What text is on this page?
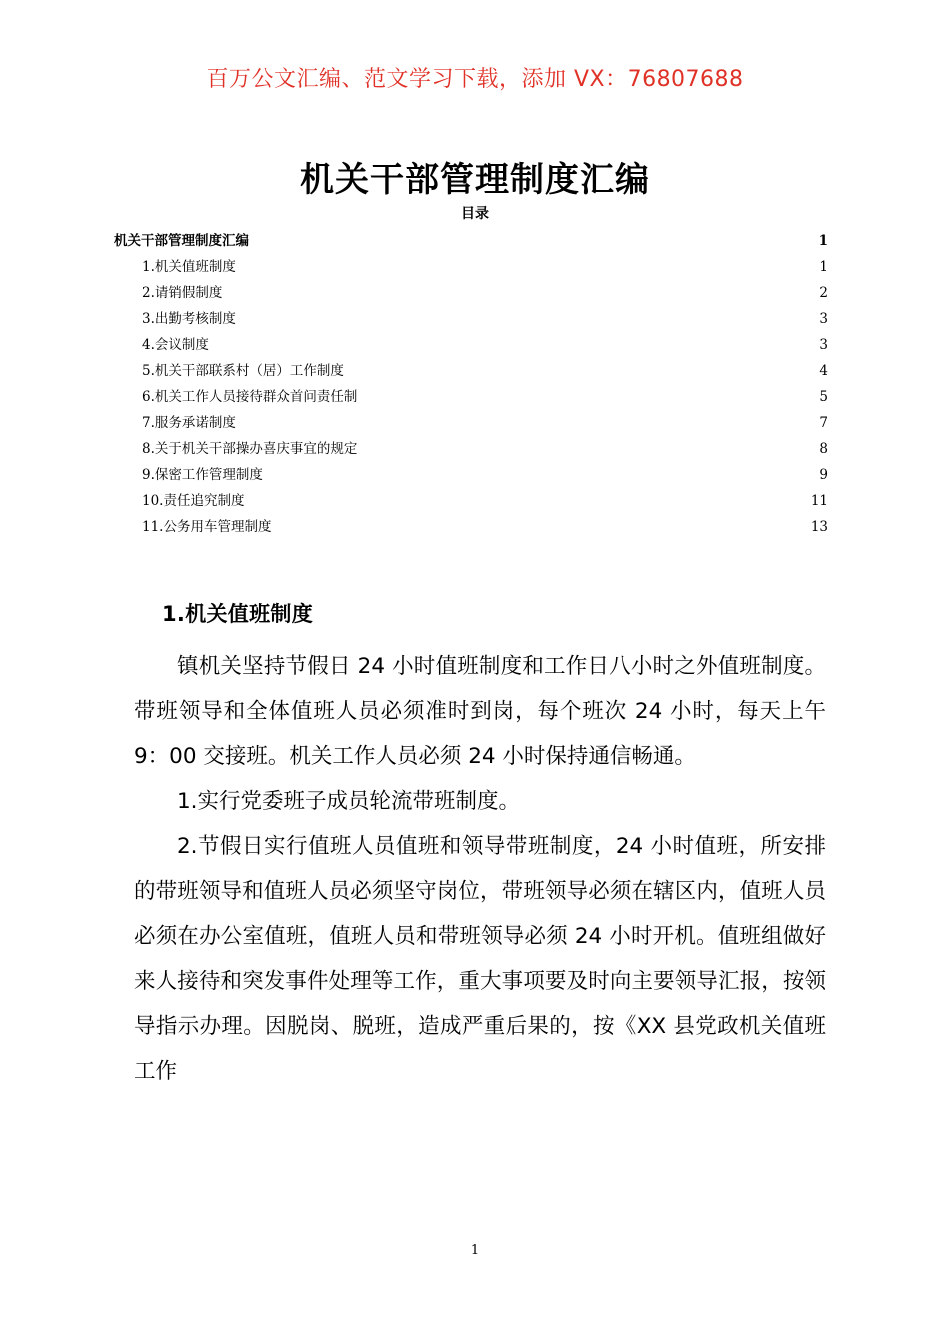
百万公文汇编、范文学习下载，添加 VX：76807688
机关干部管理制度汇编
目录
机关干部管理制度汇编 .....	1
1.机关值班制度 .....	1
2.请销假制度 .....	2
3.出勤考核制度 .....	3
4.会议制度 .....	3
5.机关干部联系村（居）工作制度 .....	4
6.机关工作人员接待群众首问责任制 .....	5
7.服务承诺制度 .....	7
8.关于机关干部操办喜庆事宜的规定 .....	8
9.保密工作管理制度 .....	9
10.责任追究制度 .....	11
11.公务用车管理制度 .....	13
1.机关值班制度

镇机关坚持节假日 24 小时值班制度和工作日八小时之外值班制度。带班领导和全体值班人员必须准时到岗，每个班次 24 小时，每天上午 9：00 交接班。机关工作人员必须 24 小时保持通信畅通。

1.实行党委班子成员轮流带班制度。

2.节假日实行值班人员值班和领导带班制度，24 小时值班，所安排的带班领导和值班人员必须坚守岗位，带班领导必须在辖区内，值班人员必须在办公室值班，值班人员和带班领导必须 24 小时开机。值班组做好来人接待和突发事件处理等工作，重大事项要及时向主要领导汇报，按领导指示办理。因脱岗、脱班，造成严重后果的，按《XX 县党政机关值班工作

1
